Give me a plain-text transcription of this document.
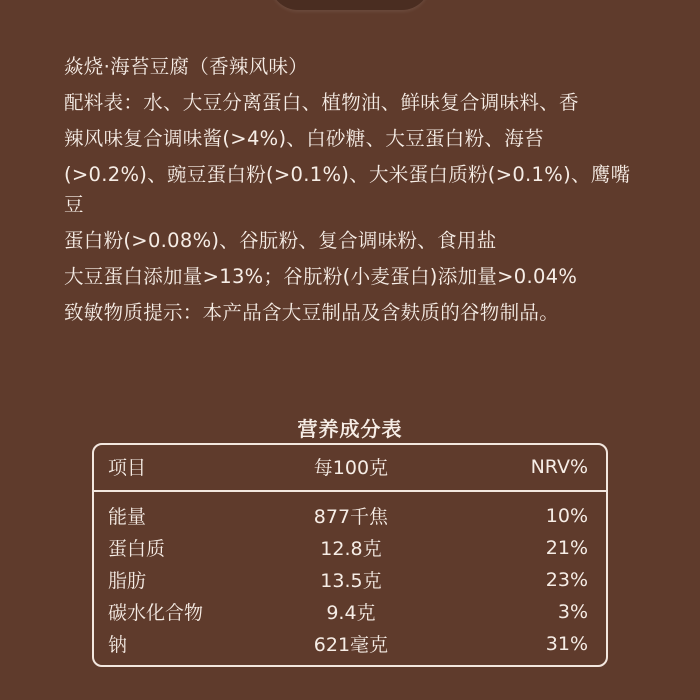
焱烧·海苔豆腐（香辣风味）

配料表：水、大豆分离蛋白、植物油、鲜味复合调味料、香

辣风味复合调味酱(>4%)、白砂糖、大豆蛋白粉、海苔

(>0.2%)、豌豆蛋白粉(>0.1%)、大米蛋白质粉(>0.1%)、鹰嘴豆

蛋白粉(>0.08%)、谷朊粉、复合调味粉、食用盐

大豆蛋白添加量>13%；谷朊粉(小麦蛋白)添加量>0.04%

致敏物质提示：本产品含大豆制品及含麸质的谷物制品。

营养成分表
项目	每100克	NRV%
能量	877千焦	10%
蛋白质	12.8克	21%
脂肪	13.5克	23%
碳水化合物	9.4克	3%
钠	621毫克	31%
